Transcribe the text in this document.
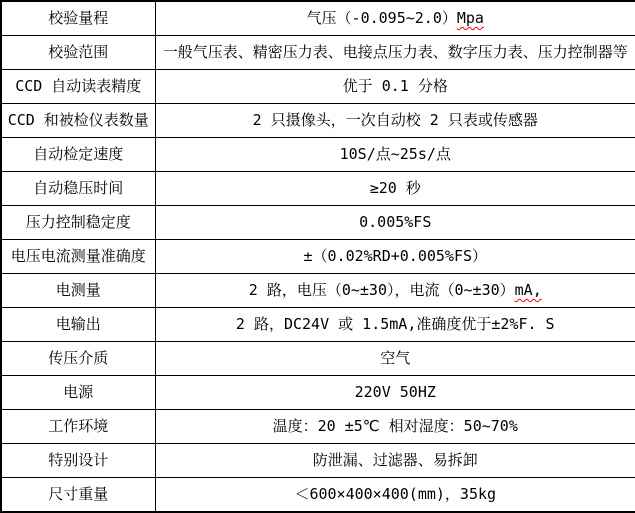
校验量程	气压（-0.095~2.0）Mpa
校验范围	一般气压表、精密压力表、电接点压力表、数字压力表、压力控制器等
CCD 自动读表精度	优于 0.1 分格
CCD 和被检仪表数量	2 只摄像头，一次自动校 2 只表或传感器
自动检定速度	10S/点~25s/点
自动稳压时间	≥20 秒
压力控制稳定度	0.005%FS
电压电流测量准确度	±（0.02%RD+0.005%FS）
电测量	2 路，电压（0~±30），电流（0~±30）mA,
电输出	2 路，DC24V 或 1.5mA,准确度优于±2%F. S
传压介质	空气
电源	220V 50HZ
工作环境	温度：20 ±5℃ 相对湿度：50~70%
特别设计	防泄漏、过滤器、易拆卸
尺寸重量	＜600×400×400(mm)，35kg
